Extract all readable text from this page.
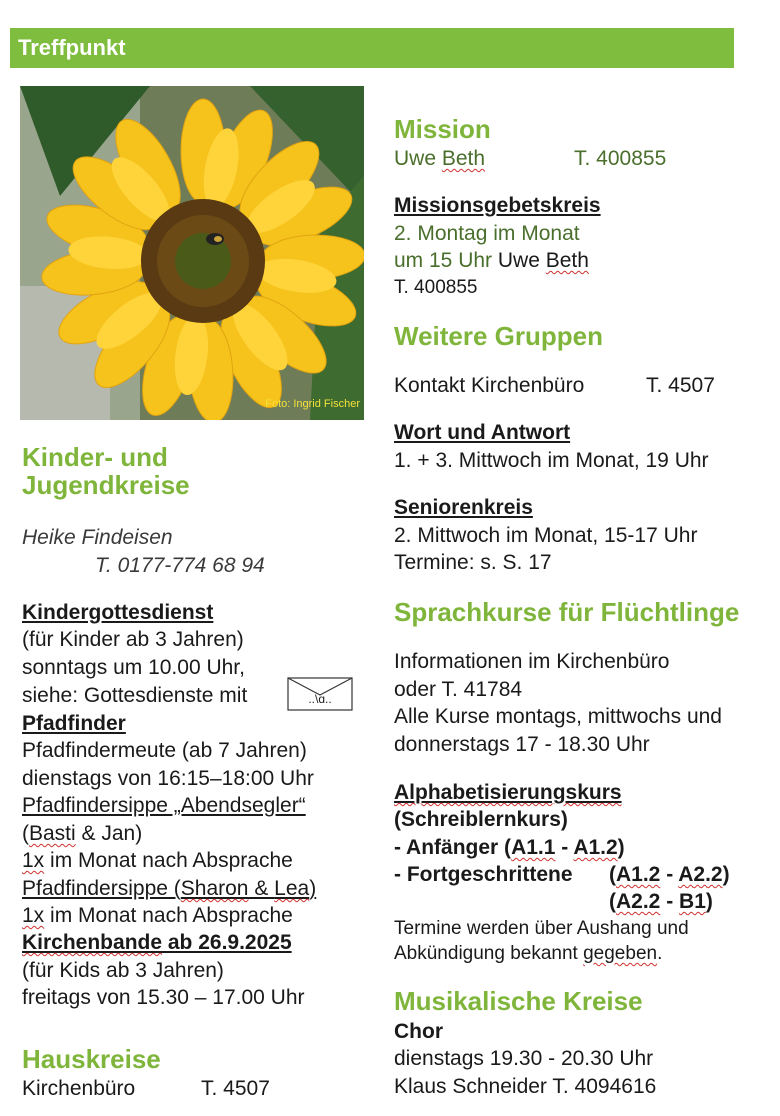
Treffpunkt
Foto: Ingrid Fischer
Kinder- und
Jugendkreise
Heike Findeisen
T. 0177-774 68 94
Kindergottesdienst
(für Kinder ab 3 Jahren)
sonntags um 10.00 Uhr,
siehe: Gottesdienste mit	..\ɑ..
Pfadfinder
Pfadfindermeute (ab 7 Jahren)
dienstags von 16:15–18:00 Uhr
Pfadfindersippe „Abendsegler“
(Basti & Jan)
1x im Monat nach Absprache
Pfadfindersippe (Sharon & Lea)
1x im Monat nach Absprache
Kirchenbande ab 26.9.2025
(für Kids ab 3 Jahren)
freitags von 15.30 – 17.00 Uhr
Hauskreise
Kirchenbüro	T. 4507
Mission
Uwe Beth	T. 400855
Missionsgebetskreis
2. Montag im Monat
um 15 Uhr Uwe Beth
T. 400855
Weitere Gruppen
Kontakt Kirchenbüro	T. 4507
Wort und Antwort
1. + 3. Mittwoch im Monat, 19 Uhr
Seniorenkreis
2. Mittwoch im Monat, 15-17 Uhr
Termine: s. S. 17
Sprachkurse für Flüchtlinge
Informationen im Kirchenbüro
oder T. 41784
Alle Kurse montags, mittwochs und
donnerstags 17 - 18.30 Uhr
Alphabetisierungskurs
(Schreiblernkurs)
- Anfänger (A1.1 - A1.2)
- Fortgeschrittene (A1.2 - A2.2)
(A2.2 - B1)
Termine werden über Aushang und
Abkündigung bekannt gegeben.
Musikalische Kreise
Chor
dienstags 19.30 - 20.30 Uhr
Klaus Schneider T. 4094616
